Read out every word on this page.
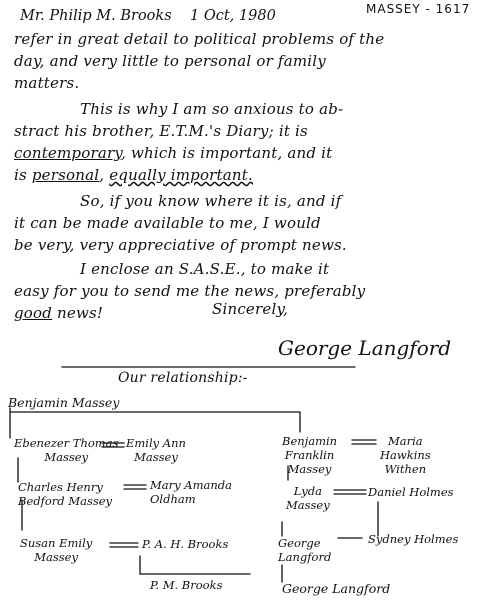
Mr. Philip M. Brooks 1 Oct, 1980	MASSEY - 1617
refer in great detail to political problems of the
day, and very little to personal or family
matters.
This is why I am so anxious to ab-
stract his brother, E.T.M.'s Diary; it is
contemporary, which is important, and it
is personal, equally important.
So, if you know where it is, and if
it can be made available to me, I would
be very, very appreciative of prompt news.
I enclose an S.A.S.E., to make it
easy for you to send me the news, preferably
good news!	Sincerely,
George Langford
Our relationship:-
Benjamin Massey
Ebenezer Thomas
Massey
Emily Ann
Massey
Charles Henry
Bedford Massey
Mary Amanda
Oldham
Susan Emily
Massey
P. A. H. Brooks
P. M. Brooks
Benjamin
Franklin
Massey
Maria
Hawkins
Withen
Lyda
Massey
Daniel Holmes
George
Langford
Sydney Holmes
George Langford
